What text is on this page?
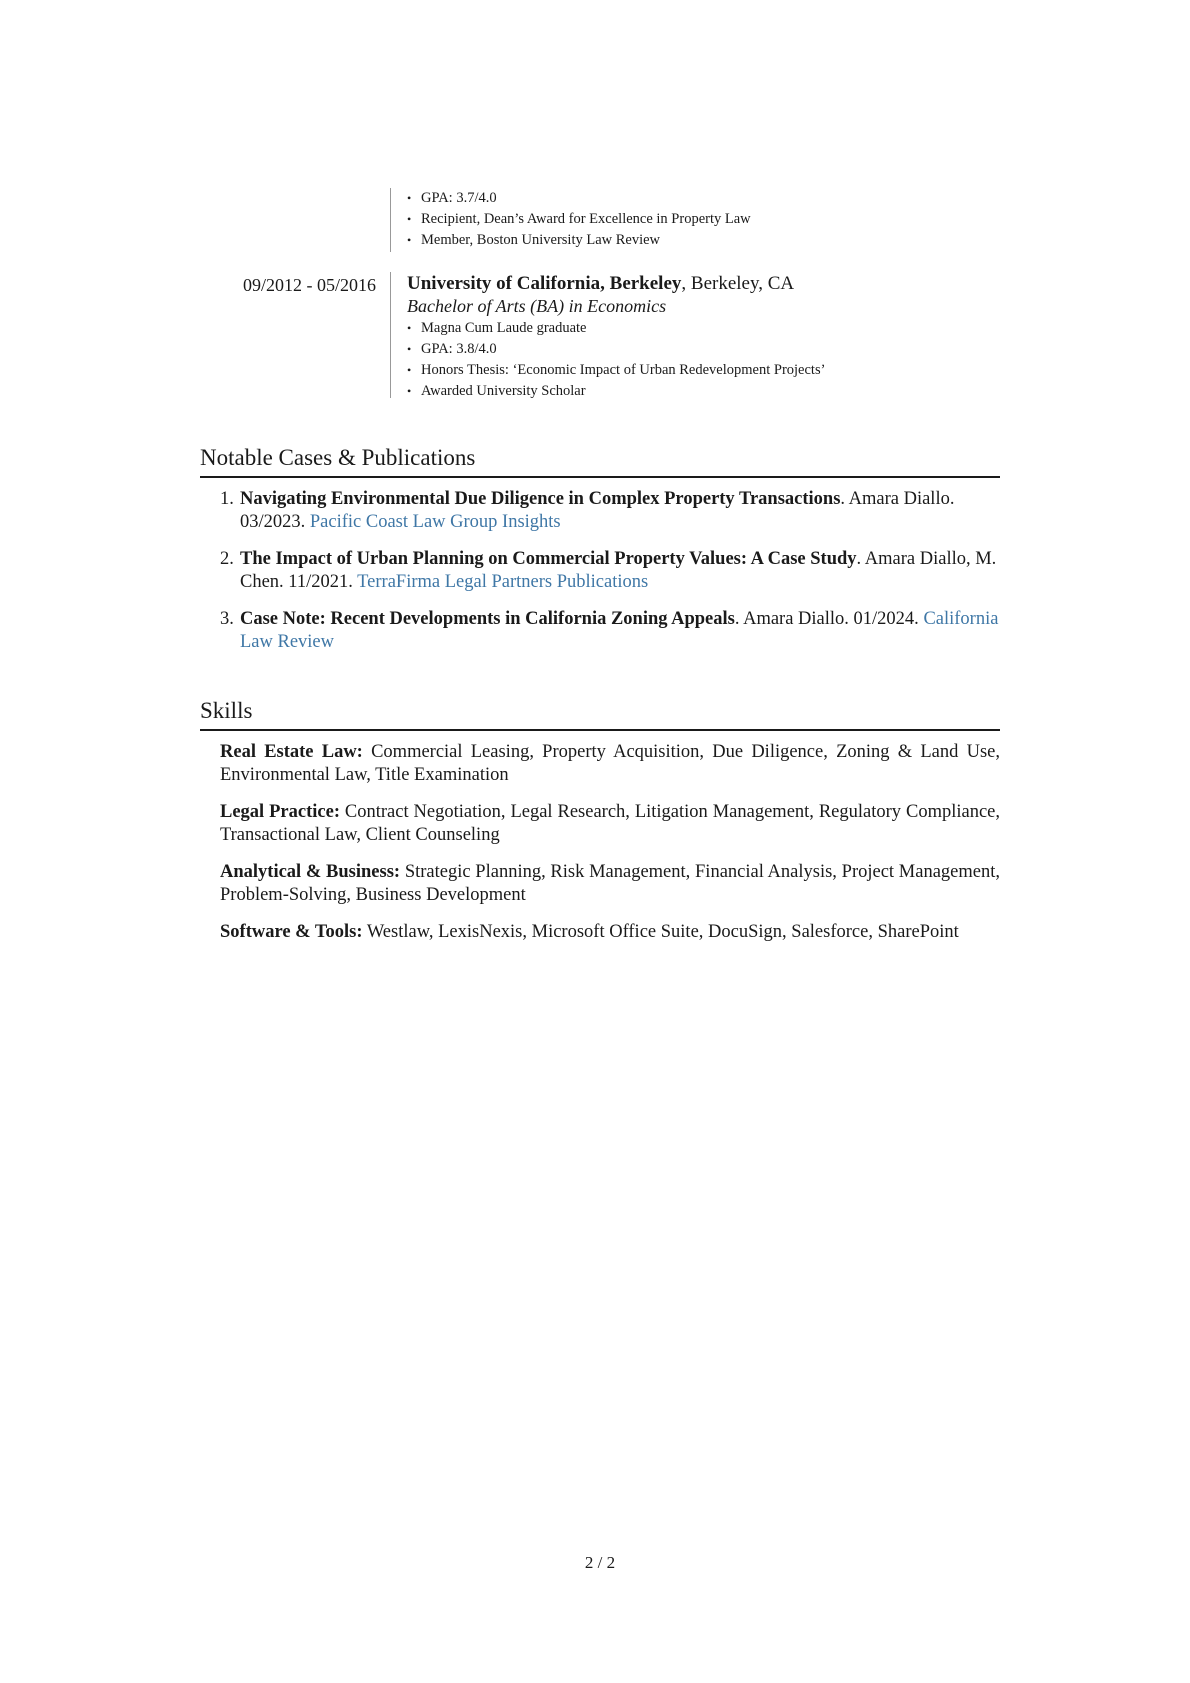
• GPA: 3.7/4.0
• Recipient, Dean’s Award for Excellence in Property Law
• Member, Boston University Law Review
09/2012 - 05/2016 University of California, Berkeley, Berkeley, CA
Bachelor of Arts (BA) in Economics
• Magna Cum Laude graduate
• GPA: 3.8/4.0
• Honors Thesis: ‘Economic Impact of Urban Redevelopment Projects’
• Awarded University Scholar
Notable Cases & Publications
1. Navigating Environmental Due Diligence in Complex Property Transactions. Amara Diallo. 03/2023. Pacific Coast Law Group Insights
2. The Impact of Urban Planning on Commercial Property Values: A Case Study. Amara Diallo, M. Chen. 11/2021. TerraFirma Legal Partners Publications
3. Case Note: Recent Developments in California Zoning Appeals. Amara Diallo. 01/2024. California Law Review
Skills
Real Estate Law: Commercial Leasing, Property Acquisition, Due Diligence, Zoning & Land Use, Environmental Law, Title Examination
Legal Practice: Contract Negotiation, Legal Research, Litigation Management, Regulatory Compliance, Transactional Law, Client Counseling
Analytical & Business: Strategic Planning, Risk Management, Financial Analysis, Project Management, Problem-Solving, Business Development
Software & Tools: Westlaw, LexisNexis, Microsoft Office Suite, DocuSign, Salesforce, SharePoint
2 / 2
